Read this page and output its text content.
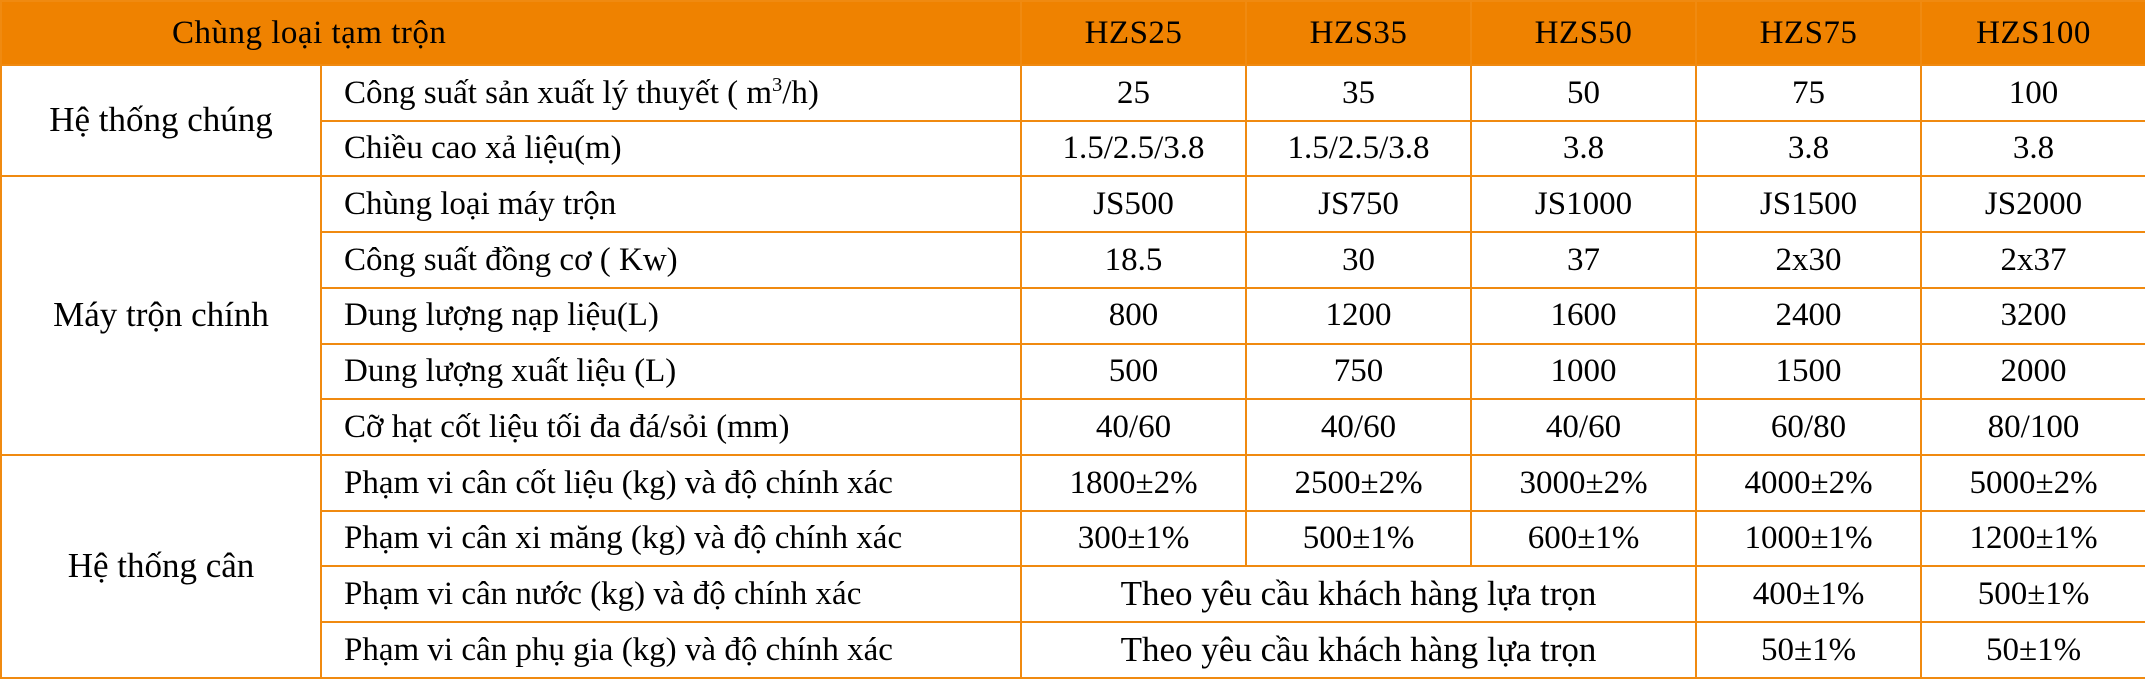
Chùng loại tạm trộn		HZS25	HZS35	HZS50	HZS75	HZS100
Hệ thống chúng	Công suất sản xuất lý thuyết ( $m^3/h$)	25	35	50	75	100
	Chiều cao xả liệu(m)	1.5/2.5/3.8	1.5/2.5/3.8	3.8	3.8	3.8
Máy trộn chính	Chùng loại máy trộn	JS500	JS750	JS1000	JS1500	JS2000
	Công suất đồng cơ ( Kw)	18.5	30	37	2x30	2x37
	Dung lượng nạp liệu(L)	800	1200	1600	2400	3200
	Dung lượng xuất liệu (L)	500	750	1000	1500	2000
	Cỡ hạt cốt liệu tối đa đá/sỏi (mm)	40/60	40/60	40/60	60/80	80/100
Hệ thống cân	Phạm vi cân cốt liệu (kg) và độ chính xác	1800±2%	2500±2%	3000±2%	4000±2%	5000±2%
	Phạm vi cân xi măng (kg) và độ chính xác	300±1%	500±1%	600±1%	1000±1%	1200±1%
	Phạm vi cân nước (kg) và độ chính xác	Theo yêu cầu khách hàng lựa trọn			400±1%	500±1%
	Phạm vi cân phụ gia (kg) và độ chính xác	Theo yêu cầu khách hàng lựa trọn			50±1%	50±1%
